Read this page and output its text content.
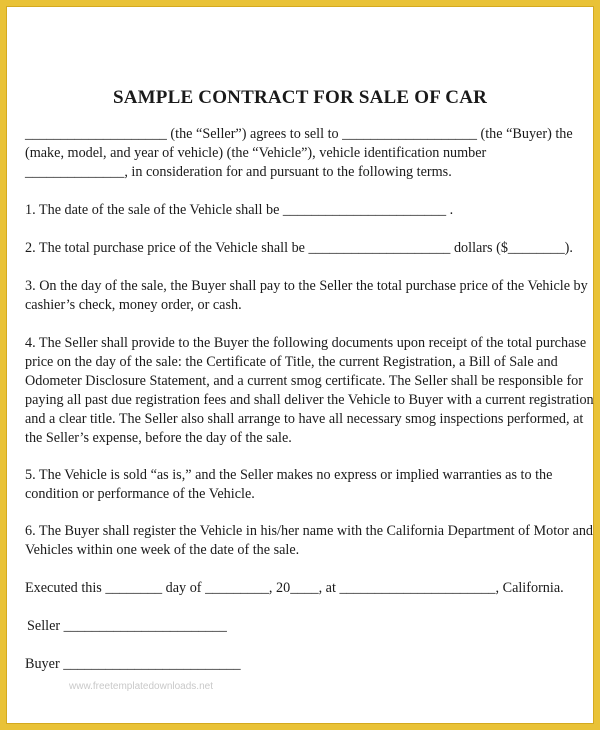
SAMPLE CONTRACT FOR SALE OF CAR
____________________ (the “Seller”) agrees to sell to ___________________ (the “Buyer) the
(make, model, and year of vehicle) (the “Vehicle”), vehicle identification number
______________, in consideration for and pursuant to the following terms.
1. The date of the sale of the Vehicle shall be _______________________ .
2. The total purchase price of the Vehicle shall be ____________________ dollars ($________).
3. On the day of the sale, the Buyer shall pay to the Seller the total purchase price of the Vehicle by
cashier’s check, money order, or cash.
4. The Seller shall provide to the Buyer the following documents upon receipt of the total purchase
price on the day of the sale: the Certificate of Title, the current Registration, a Bill of Sale and
Odometer Disclosure Statement, and a current smog certificate. The Seller shall be responsible for
paying all past due registration fees and shall deliver the Vehicle to Buyer with a current registration
and a clear title. The Seller also shall arrange to have all necessary smog inspections performed, at
the Seller’s expense, before the day of the sale.
5. The Vehicle is sold “as is,” and the Seller makes no express or implied warranties as to the
condition or performance of the Vehicle.
6. The Buyer shall register the Vehicle in his/her name with the California Department of Motor and
Vehicles within one week of the date of the sale.
Executed this ________ day of _________, 20____, at ______________________, California.
Seller _______________________
Buyer _________________________
www.freetemplatedownloads.net
